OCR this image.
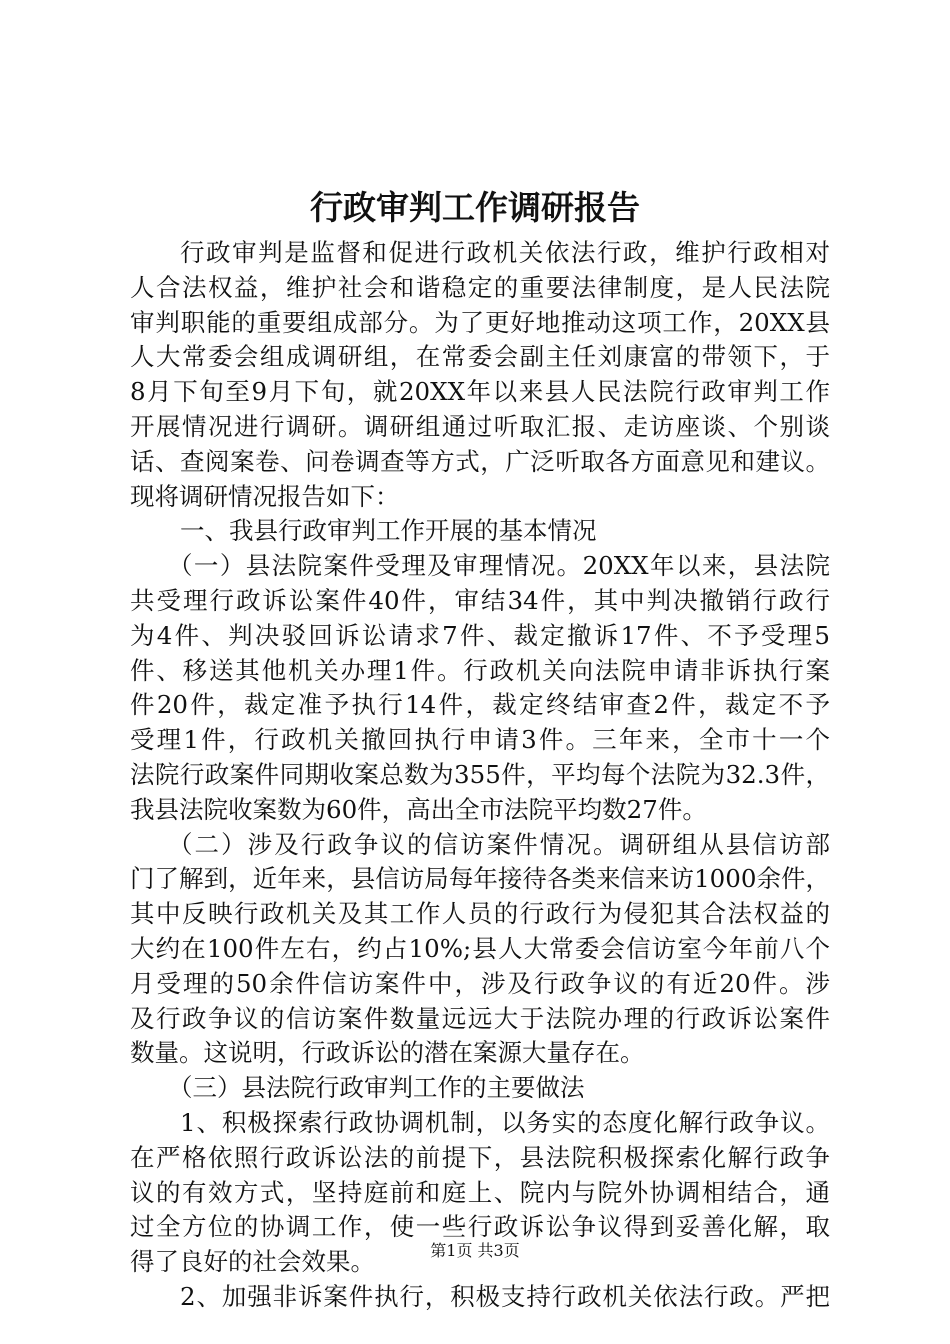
行政审判工作调研报告
行政审判是监督和促进行政机关依法行政，维护行政相对
人合法权益，维护社会和谐稳定的重要法律制度，是人民法院
审判职能的重要组成部分。为了更好地推动这项工作，20XX县
人大常委会组成调研组，在常委会副主任刘康富的带领下，于
8月下旬至9月下旬，就20XX年以来县人民法院行政审判工作
开展情况进行调研。调研组通过听取汇报、走访座谈、个别谈
话、查阅案卷、问卷调查等方式，广泛听取各方面意见和建议。
现将调研情况报告如下：
一、我县行政审判工作开展的基本情况
（一）县法院案件受理及审理情况。20XX年以来，县法院
共受理行政诉讼案件40件，审结34件，其中判决撤销行政行
为4件、判决驳回诉讼请求7件、裁定撤诉17件、不予受理5
件、移送其他机关办理1件。行政机关向法院申请非诉执行案
件20件，裁定准予执行14件，裁定终结审查2件，裁定不予
受理1件，行政机关撤回执行申请3件。三年来，全市十一个
法院行政案件同期收案总数为355件，平均每个法院为32.3件，
我县法院收案数为60件，高出全市法院平均数27件。
（二）涉及行政争议的信访案件情况。调研组从县信访部
门了解到，近年来，县信访局每年接待各类来信来访1000余件，
其中反映行政机关及其工作人员的行政行为侵犯其合法权益的
大约在100件左右，约占10%;县人大常委会信访室今年前八个
月受理的50余件信访案件中，涉及行政争议的有近20件。涉
及行政争议的信访案件数量远远大于法院办理的行政诉讼案件
数量。这说明，行政诉讼的潜在案源大量存在。
（三）县法院行政审判工作的主要做法
1、积极探索行政协调机制，以务实的态度化解行政争议。
在严格依照行政诉讼法的前提下，县法院积极探索化解行政争
议的有效方式，坚持庭前和庭上、院内与院外协调相结合，通
过全方位的协调工作，使一些行政诉讼争议得到妥善化解，取
得了良好的社会效果。
2、加强非诉案件执行，积极支持行政机关依法行政。严把
第1页 共3页
